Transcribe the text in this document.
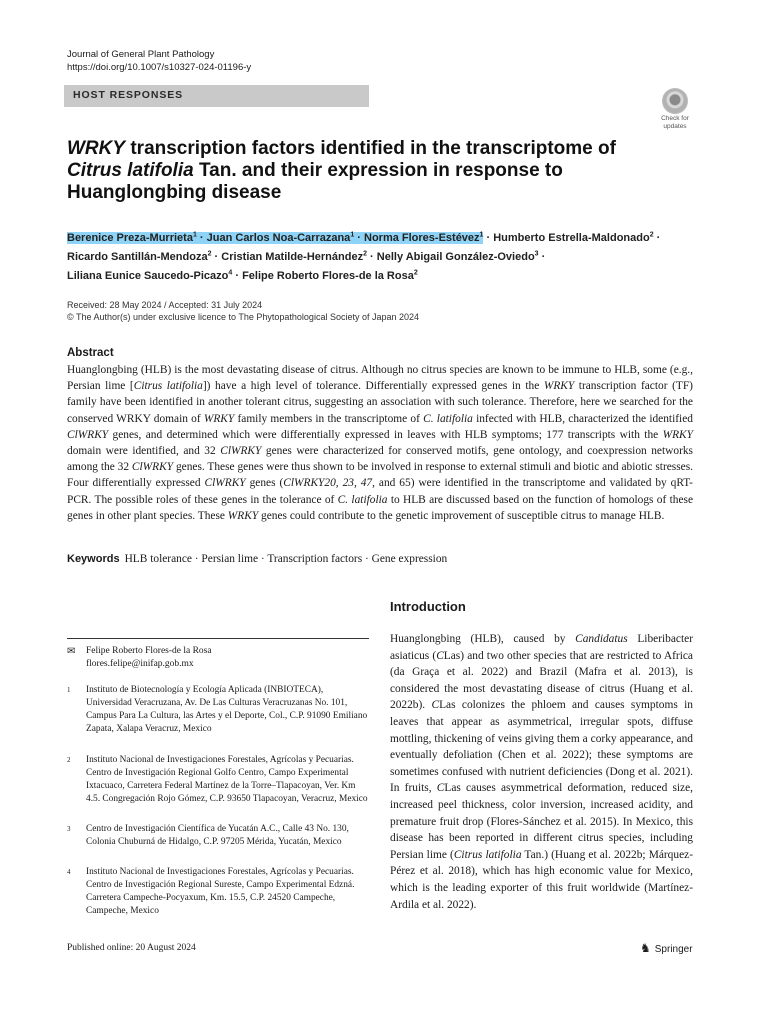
Journal of General Plant Pathology
https://doi.org/10.1007/s10327-024-01196-y
HOST RESPONSES
Check for
updates
WRKY transcription factors identified in the transcriptome of Citrus latifolia Tan. and their expression in response to Huanglongbing disease
Berenice Preza-Murrieta$^1$ · Juan Carlos Noa-Carrazana$^1$ · Norma Flores-Estévez$^1$ · Humberto Estrella-Maldonado$^2$ ·
Ricardo Santillán-Mendoza$^2$ · Cristian Matilde-Hernández$^2$ · Nelly Abigail González-Oviedo$^3$ ·
Liliana Eunice Saucedo-Picazo$^4$ · Felipe Roberto Flores-de la Rosa$^2$
Received: 28 May 2024 / Accepted: 31 July 2024
© The Author(s) under exclusive licence to The Phytopathological Society of Japan 2024
Abstract
Huanglongbing (HLB) is the most devastating disease of citrus. Although no citrus species are known to be immune to HLB, some (e.g., Persian lime [Citrus latifolia]) have a high level of tolerance. Differentially expressed genes in the WRKY transcription factor (TF) family have been identified in another tolerant citrus, suggesting an association with such tolerance. Therefore, here we searched for the conserved WRKY domain of WRKY family members in the transcriptome of C. latifolia infected with HLB, characterized the identified ClWRKY genes, and determined which were differentially expressed in leaves with HLB symptoms; 177 transcripts with the WRKY domain were identified, and 32 ClWRKY genes were characterized for conserved motifs, gene ontology, and coexpression networks among the 32 ClWRKY genes. These genes were thus shown to be involved in response to external stimuli and biotic and abiotic stresses. Four differentially expressed ClWRKY genes (ClWRKY20, 23, 47, and 65) were identified in the transcriptome and validated by qRT-PCR. The possible roles of these genes in the tolerance of C. latifolia to HLB are discussed based on the function of homologs of these genes in other plant species. These WRKY genes could contribute to the genetic improvement of susceptible citrus to manage HLB.
Keywords HLB tolerance · Persian lime · Transcription factors · Gene expression
Introduction
Huanglongbing (HLB), caused by Candidatus Liberibacter asiaticus (CLas) and two other species that are restricted to Africa (da Graça et al. 2022) and Brazil (Mafra et al. 2013), is considered the most devastating disease of citrus (Huang et al. 2022b). CLas colonizes the phloem and causes symptoms in leaves that appear as asymmetrical, irregular spots, diffuse mottling, thickening of veins giving them a corky appearance, and eventually defoliation (Chen et al. 2022); these symptoms are sometimes confused with nutrient deficiencies (Dong et al. 2021). In fruits, CLas causes asymmetrical deformation, reduced size, increased peel thickness, color inversion, increased acidity, and premature fruit drop (Flores-Sánchez et al. 2015). In Mexico, this disease has been reported in different citrus species, including Persian lime (Citrus latifolia Tan.) (Huang et al. 2022b; Márquez-Pérez et al. 2018), which has high economic value for Mexico, which is the leading exporter of this fruit worldwide (Martínez-Ardila et al. 2022).
✉ Felipe Roberto Flores-de la Rosa
flores.felipe@inifap.gob.mx
1 Instituto de Biotecnología y Ecología Aplicada (INBIOTECA), Universidad Veracruzana, Av. De Las Culturas Veracruzanas No. 101, Campus Para La Cultura, las Artes y el Deporte, Col., C.P. 91090 Emiliano Zapata, Xalapa Veracruz, Mexico
2 Instituto Nacional de Investigaciones Forestales, Agrícolas y Pecuarias. Centro de Investigación Regional Golfo Centro, Campo Experimental Ixtacuaco, Carretera Federal Martínez de la Torre–Tlapacoyan, Ver. Km 4.5. Congregación Rojo Gómez, C.P. 93650 Tlapacoyan, Veracruz, Mexico
3 Centro de Investigación Científica de Yucatán A.C., Calle 43 No. 130, Colonia Chuburná de Hidalgo, C.P. 97205 Mérida, Yucatán, Mexico
4 Instituto Nacional de Investigaciones Forestales, Agrícolas y Pecuarias. Centro de Investigación Regional Sureste, Campo Experimental Edzná. Carretera Campeche-Pocyaxum, Km. 15.5, C.P. 24520 Campeche, Campeche, Mexico
Published online: 20 August 2024	♞ Springer
